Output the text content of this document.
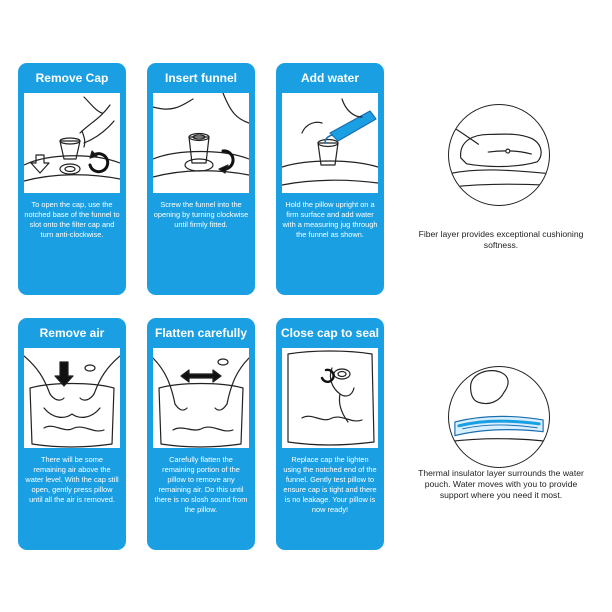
Remove Cap
To open the cap, use the notched base of the funnel to slot onto the filter cap and turn anti-clockwise.
Insert funnel
Screw the funnel into the opening by turning clockwise until firmly fitted.
Add water
Hold the pillow upright on a firm surface and add water with a measuring jug through the funnel as shown.
Remove air
There will be some remaining air above the water level. With the cap still open, gently press pillow until all the air is removed.
Flatten carefully
Carefully flatten the remaining portion of the pillow to remove any remaining air. Do this until there is no slosh sound from the pillow.
Close cap to seal
Replace cap the lighten using the notched end of the funnel. Gently test pillow to ensure cap is tight and there is no leakage. Your pillow is now ready!
Fiber layer provides exceptional cushioning softness.
Thermal insulator layer surrounds the water pouch. Water moves with you to provide support where you need it most.
